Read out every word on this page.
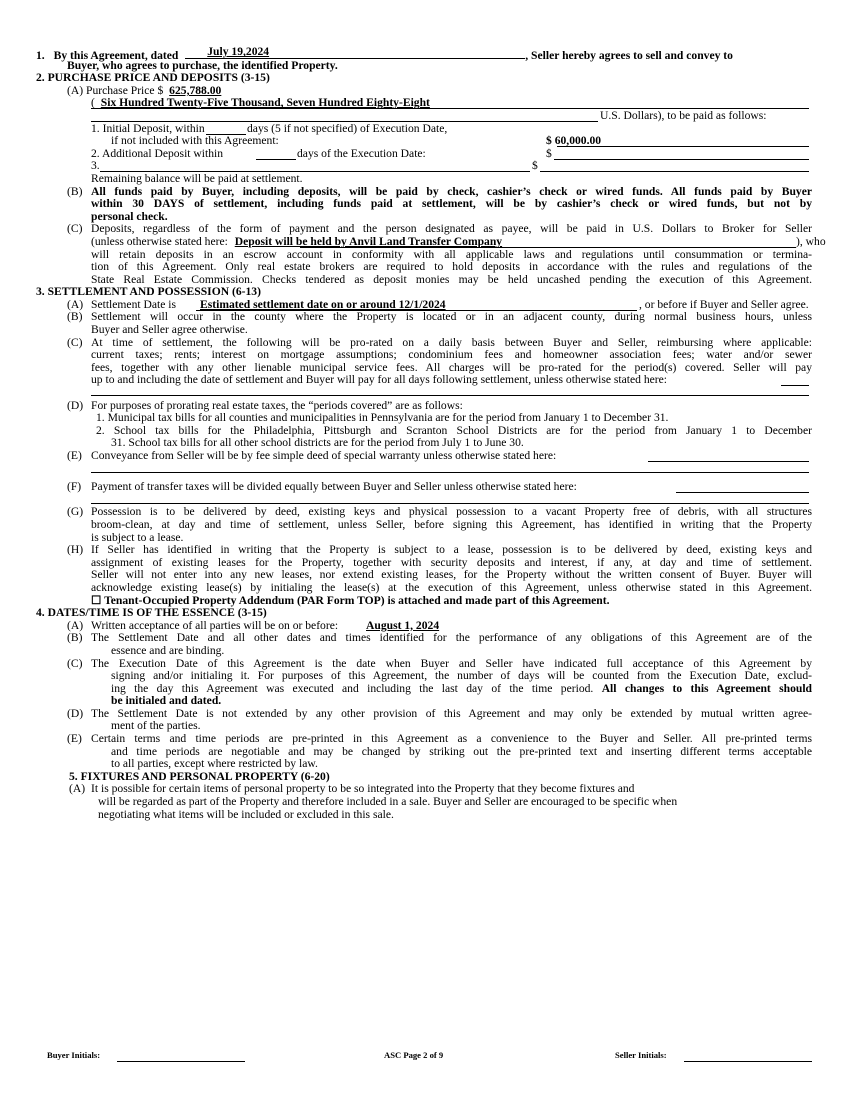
1. By this Agreement, dated July 19,2024	, Seller hereby agrees to sell and convey to
Buyer, who agrees to purchase, the identified Property.
2. PURCHASE PRICE AND DEPOSITS (3-15)
(A) Purchase Price $ 625,788.00
( Six Hundred Twenty-Five Thousand, Seven Hundred Eighty-Eight
U.S. Dollars), to be paid as follows:
1. Initial Deposit, within	days (5 if not specified) of Execution Date,
if not included with this Agreement:	$ 60,000.00
2. Additional Deposit within	days of the Execution Date:	$
3.	$
Remaining balance will be paid at settlement.
(B) All funds paid by Buyer, including deposits, will be paid by check, cashier’s check or wired funds. All funds paid by Buyer
within 30 DAYS of settlement, including funds paid at settlement, will be by cashier’s check or wired funds, but not by
personal check.
(C) Deposits, regardless of the form of payment and the person designated as payee, will be paid in U.S. Dollars to Broker for Seller
(unless otherwise stated here: Deposit will be held by Anvil Land Transfer Company	), who
will retain deposits in an escrow account in conformity with all applicable laws and regulations until consummation or termina-
tion of this Agreement. Only real estate brokers are required to hold deposits in accordance with the rules and regulations of the
State Real Estate Commission. Checks tendered as deposit monies may be held uncashed pending the execution of this Agreement.
3. SETTLEMENT AND POSSESSION (6-13)
(A) Settlement Date is Estimated settlement date on or around 12/1/2024	, or before if Buyer and Seller agree.
(B) Settlement will occur in the county where the Property is located or in an adjacent county, during normal business hours, unless
Buyer and Seller agree otherwise.
(C) At time of settlement, the following will be pro-rated on a daily basis between Buyer and Seller, reimbursing where applicable:
current taxes; rents; interest on mortgage assumptions; condominium fees and homeowner association fees; water and/or sewer
fees, together with any other lienable municipal service fees. All charges will be pro-rated for the period(s) covered. Seller will pay
up to and including the date of settlement and Buyer will pay for all days following settlement, unless otherwise stated here:
(D) For purposes of prorating real estate taxes, the “periods covered” are as follows:
1. Municipal tax bills for all counties and municipalities in Pennsylvania are for the period from January 1 to December 31.
2. School tax bills for the Philadelphia, Pittsburgh and Scranton School Districts are for the period from January 1 to December
31. School tax bills for all other school districts are for the period from July 1 to June 30.
(E) Conveyance from Seller will be by fee simple deed of special warranty unless otherwise stated here:
(F) Payment of transfer taxes will be divided equally between Buyer and Seller unless otherwise stated here:
(G) Possession is to be delivered by deed, existing keys and physical possession to a vacant Property free of debris, with all structures
broom-clean, at day and time of settlement, unless Seller, before signing this Agreement, has identified in writing that the Property
is subject to a lease.
(H) If Seller has identified in writing that the Property is subject to a lease, possession is to be delivered by deed, existing keys and
assignment of existing leases for the Property, together with security deposits and interest, if any, at day and time of settlement.
Seller will not enter into any new leases, nor extend existing leases, for the Property without the written consent of Buyer. Buyer will
acknowledge existing lease(s) by initialing the lease(s) at the execution of this Agreement, unless otherwise stated in this Agreement.
☐ Tenant-Occupied Property Addendum (PAR Form TOP) is attached and made part of this Agreement.
4. DATES/TIME IS OF THE ESSENCE (3-15)
(A) Written acceptance of all parties will be on or before: August 1, 2024
(B) The Settlement Date and all other dates and times identified for the performance of any obligations of this Agreement are of the
essence and are binding.
(C) The Execution Date of this Agreement is the date when Buyer and Seller have indicated full acceptance of this Agreement by
signing and/or initialing it. For purposes of this Agreement, the number of days will be counted from the Execution Date, exclud-
ing the day this Agreement was executed and including the last day of the time period. All changes to this Agreement should
be initialed and dated.
(D) The Settlement Date is not extended by any other provision of this Agreement and may only be extended by mutual written agree-
ment of the parties.
(E) Certain terms and time periods are pre-printed in this Agreement as a convenience to the Buyer and Seller. All pre-printed terms
and time periods are negotiable and may be changed by striking out the pre-printed text and inserting different terms acceptable
to all parties, except where restricted by law.
5. FIXTURES AND PERSONAL PROPERTY (6-20)
(A) It is possible for certain items of personal property to be so integrated into the Property that they become fixtures and
will be regarded as part of the Property and therefore included in a sale. Buyer and Seller are encouraged to be specific when
negotiating what items will be included or excluded in this sale.
Buyer Initials:	ASC Page 2 of 9	Seller Initials:
